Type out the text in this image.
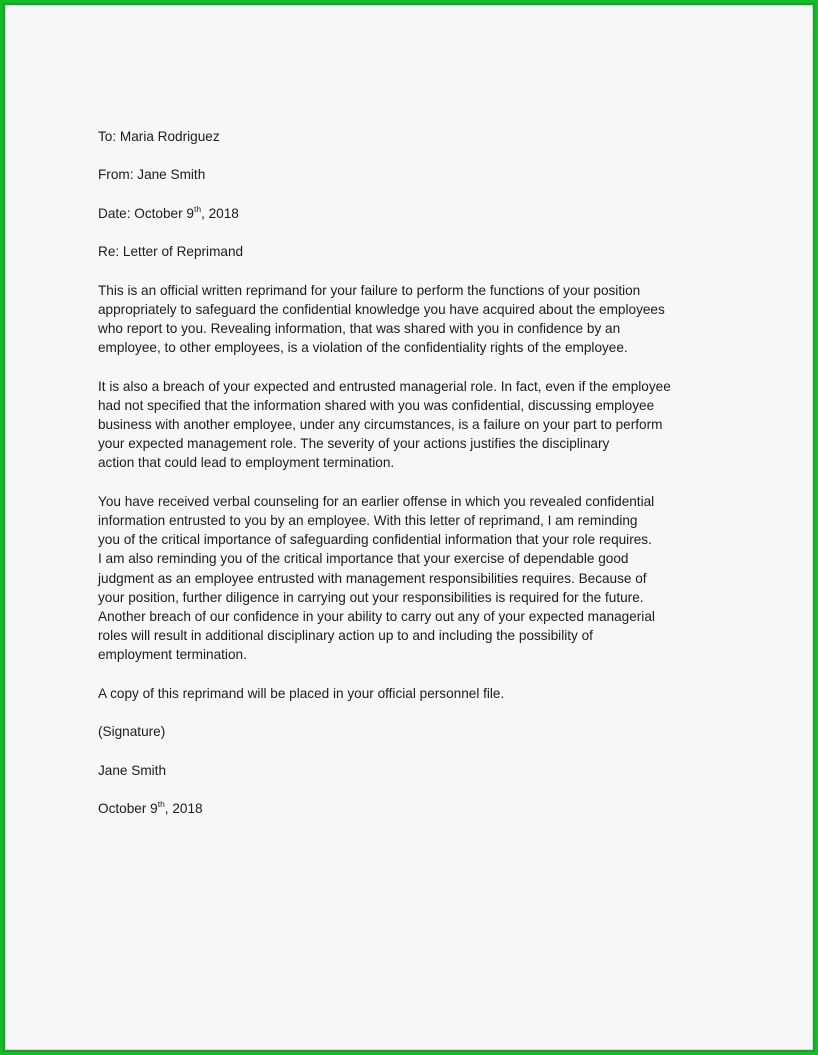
To: Maria Rodriguez

From: Jane Smith

Date: October 9th, 2018

Re: Letter of Reprimand

This is an official written reprimand for your failure to perform the functions of your position
appropriately to safeguard the confidential knowledge you have acquired about the employees
who report to you. Revealing information, that was shared with you in confidence by an
employee, to other employees, is a violation of the confidentiality rights of the employee.

It is also a breach of your expected and entrusted managerial role. In fact, even if the employee
had not specified that the information shared with you was confidential, discussing employee
business with another employee, under any circumstances, is a failure on your part to perform
your expected management role. The severity of your actions justifies the disciplinary
action that could lead to employment termination.

You have received verbal counseling for an earlier offense in which you revealed confidential
information entrusted to you by an employee. With this letter of reprimand, I am reminding
you of the critical importance of safeguarding confidential information that your role requires.
I am also reminding you of the critical importance that your exercise of dependable good
judgment as an employee entrusted with management responsibilities requires. Because of
your position, further diligence in carrying out your responsibilities is required for the future.
Another breach of our confidence in your ability to carry out any of your expected managerial
roles will result in additional disciplinary action up to and including the possibility of
employment termination.

A copy of this reprimand will be placed in your official personnel file.

(Signature)

Jane Smith

October 9th, 2018
